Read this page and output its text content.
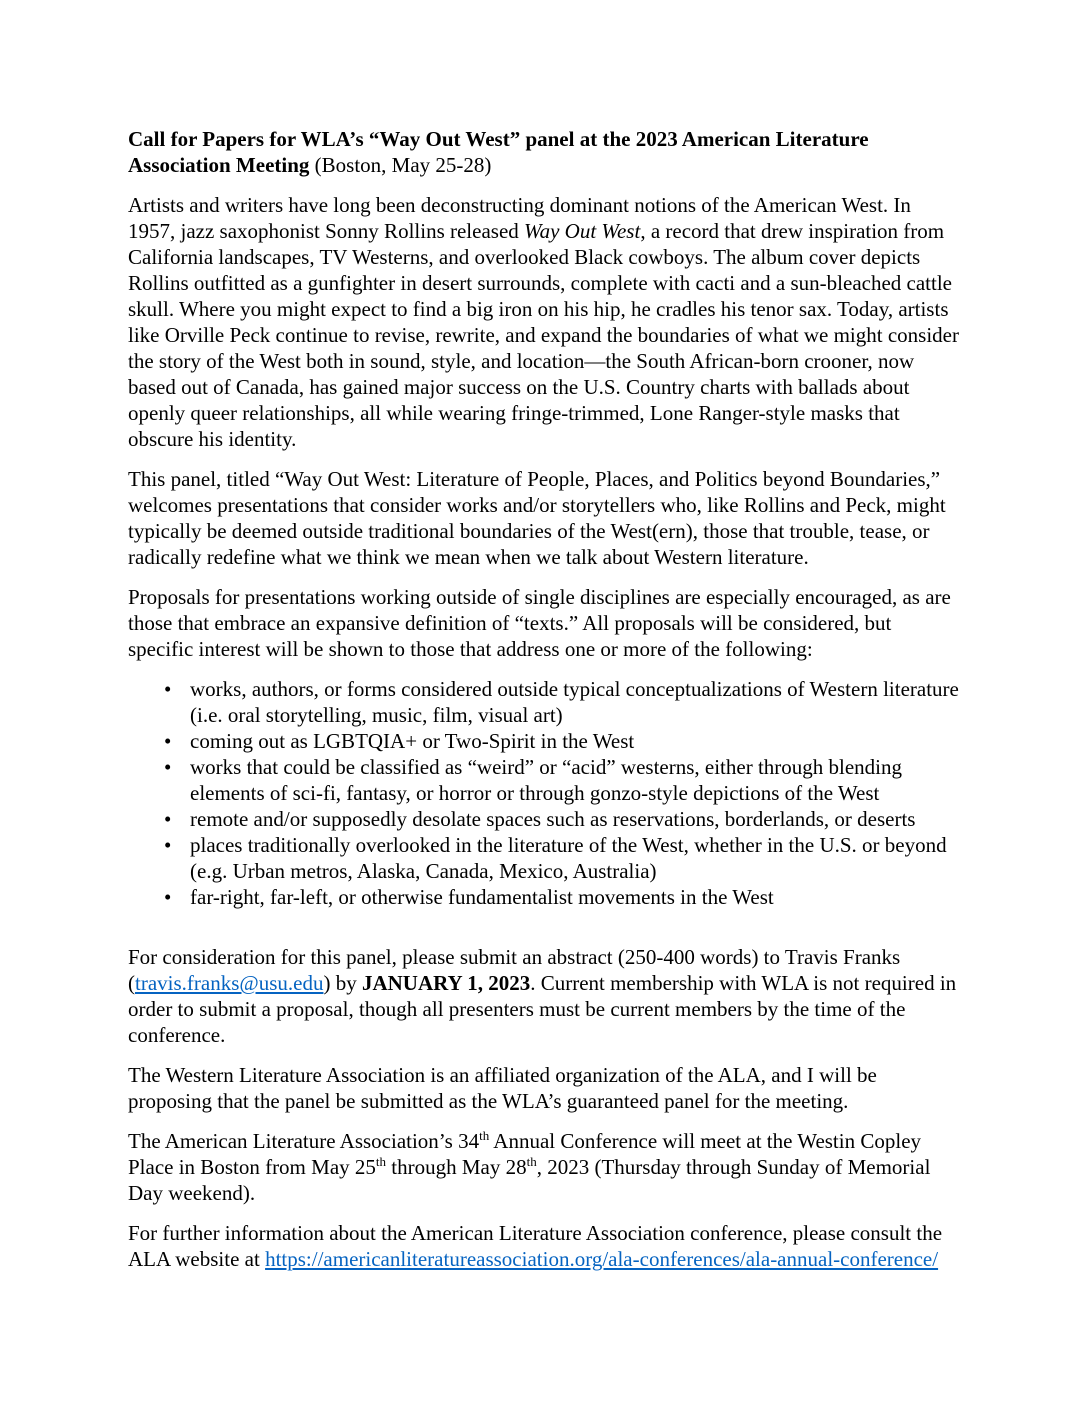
Call for Papers for WLA’s “Way Out West” panel at the 2023 American Literature Association Meeting (Boston, May 25-28)

Artists and writers have long been deconstructing dominant notions of the American West. In 1957, jazz saxophonist Sonny Rollins released Way Out West, a record that drew inspiration from California landscapes, TV Westerns, and overlooked Black cowboys. The album cover depicts Rollins outfitted as a gunfighter in desert surrounds, complete with cacti and a sun-bleached cattle skull. Where you might expect to find a big iron on his hip, he cradles his tenor sax. Today, artists like Orville Peck continue to revise, rewrite, and expand the boundaries of what we might consider the story of the West both in sound, style, and location—the South African-born crooner, now based out of Canada, has gained major success on the U.S. Country charts with ballads about openly queer relationships, all while wearing fringe-trimmed, Lone Ranger-style masks that obscure his identity.

This panel, titled “Way Out West: Literature of People, Places, and Politics beyond Boundaries,” welcomes presentations that consider works and/or storytellers who, like Rollins and Peck, might typically be deemed outside traditional boundaries of the West(ern), those that trouble, tease, or radically redefine what we think we mean when we talk about Western literature.

Proposals for presentations working outside of single disciplines are especially encouraged, as are those that embrace an expansive definition of “texts.” All proposals will be considered, but specific interest will be shown to those that address one or more of the following:

• works, authors, or forms considered outside typical conceptualizations of Western literature (i.e. oral storytelling, music, film, visual art)
• coming out as LGBTQIA+ or Two-Spirit in the West
• works that could be classified as “weird” or “acid” westerns, either through blending elements of sci-fi, fantasy, or horror or through gonzo-style depictions of the West
• remote and/or supposedly desolate spaces such as reservations, borderlands, or deserts
• places traditionally overlooked in the literature of the West, whether in the U.S. or beyond (e.g. Urban metros, Alaska, Canada, Mexico, Australia)
• far-right, far-left, or otherwise fundamentalist movements in the West

For consideration for this panel, please submit an abstract (250-400 words) to Travis Franks (travis.franks@usu.edu) by JANUARY 1, 2023. Current membership with WLA is not required in order to submit a proposal, though all presenters must be current members by the time of the conference.

The Western Literature Association is an affiliated organization of the ALA, and I will be proposing that the panel be submitted as the WLA’s guaranteed panel for the meeting.

The American Literature Association’s 34th Annual Conference will meet at the Westin Copley Place in Boston from May 25th through May 28th, 2023 (Thursday through Sunday of Memorial Day weekend).

For further information about the American Literature Association conference, please consult the ALA website at https://americanliteratureassociation.org/ala-conferences/ala-annual-conference/
